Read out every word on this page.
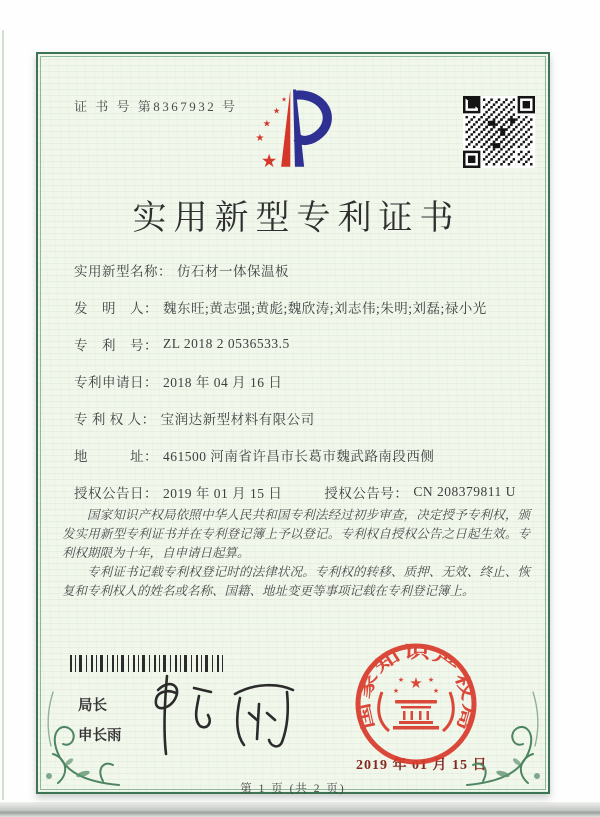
证 书 号 第8367932 号
★
★
★
★
★
实用新型专利证书
实用新型名称： 仿石材一体保温板
发　明　人： 魏东旺;黄志强;黄彪;魏欣涛;刘志伟;朱明;刘磊;禄小光
专　利　号： ZL 2018 2 0536533.5
专利申请日： 2018 年 04 月 16 日
专 利 权 人： 宝润达新型材料有限公司
地　　　址： 461500 河南省许昌市长葛市魏武路南段西侧
授权公告日： 2019 年 01 月 15 日	授权公告号： CN 208379811 U

国家知识产权局依照中华人民共和国专利法经过初步审查，决定授予专利权，颁发实用新型专利证书并在专利登记簿上予以登记。专利权自授权公告之日起生效。专利权期限为十年，自申请日起算。

专利证书记载专利权登记时的法律状况。专利权的转移、质押、无效、终止、恢复和专利权人的姓名或名称、国籍、地址变更等事项记载在专利登记簿上。

局长
申长雨
2019 年 01 月 15 日
国家知识产权局
★
★	★
★	★
第 1 页 (共 2 页)
